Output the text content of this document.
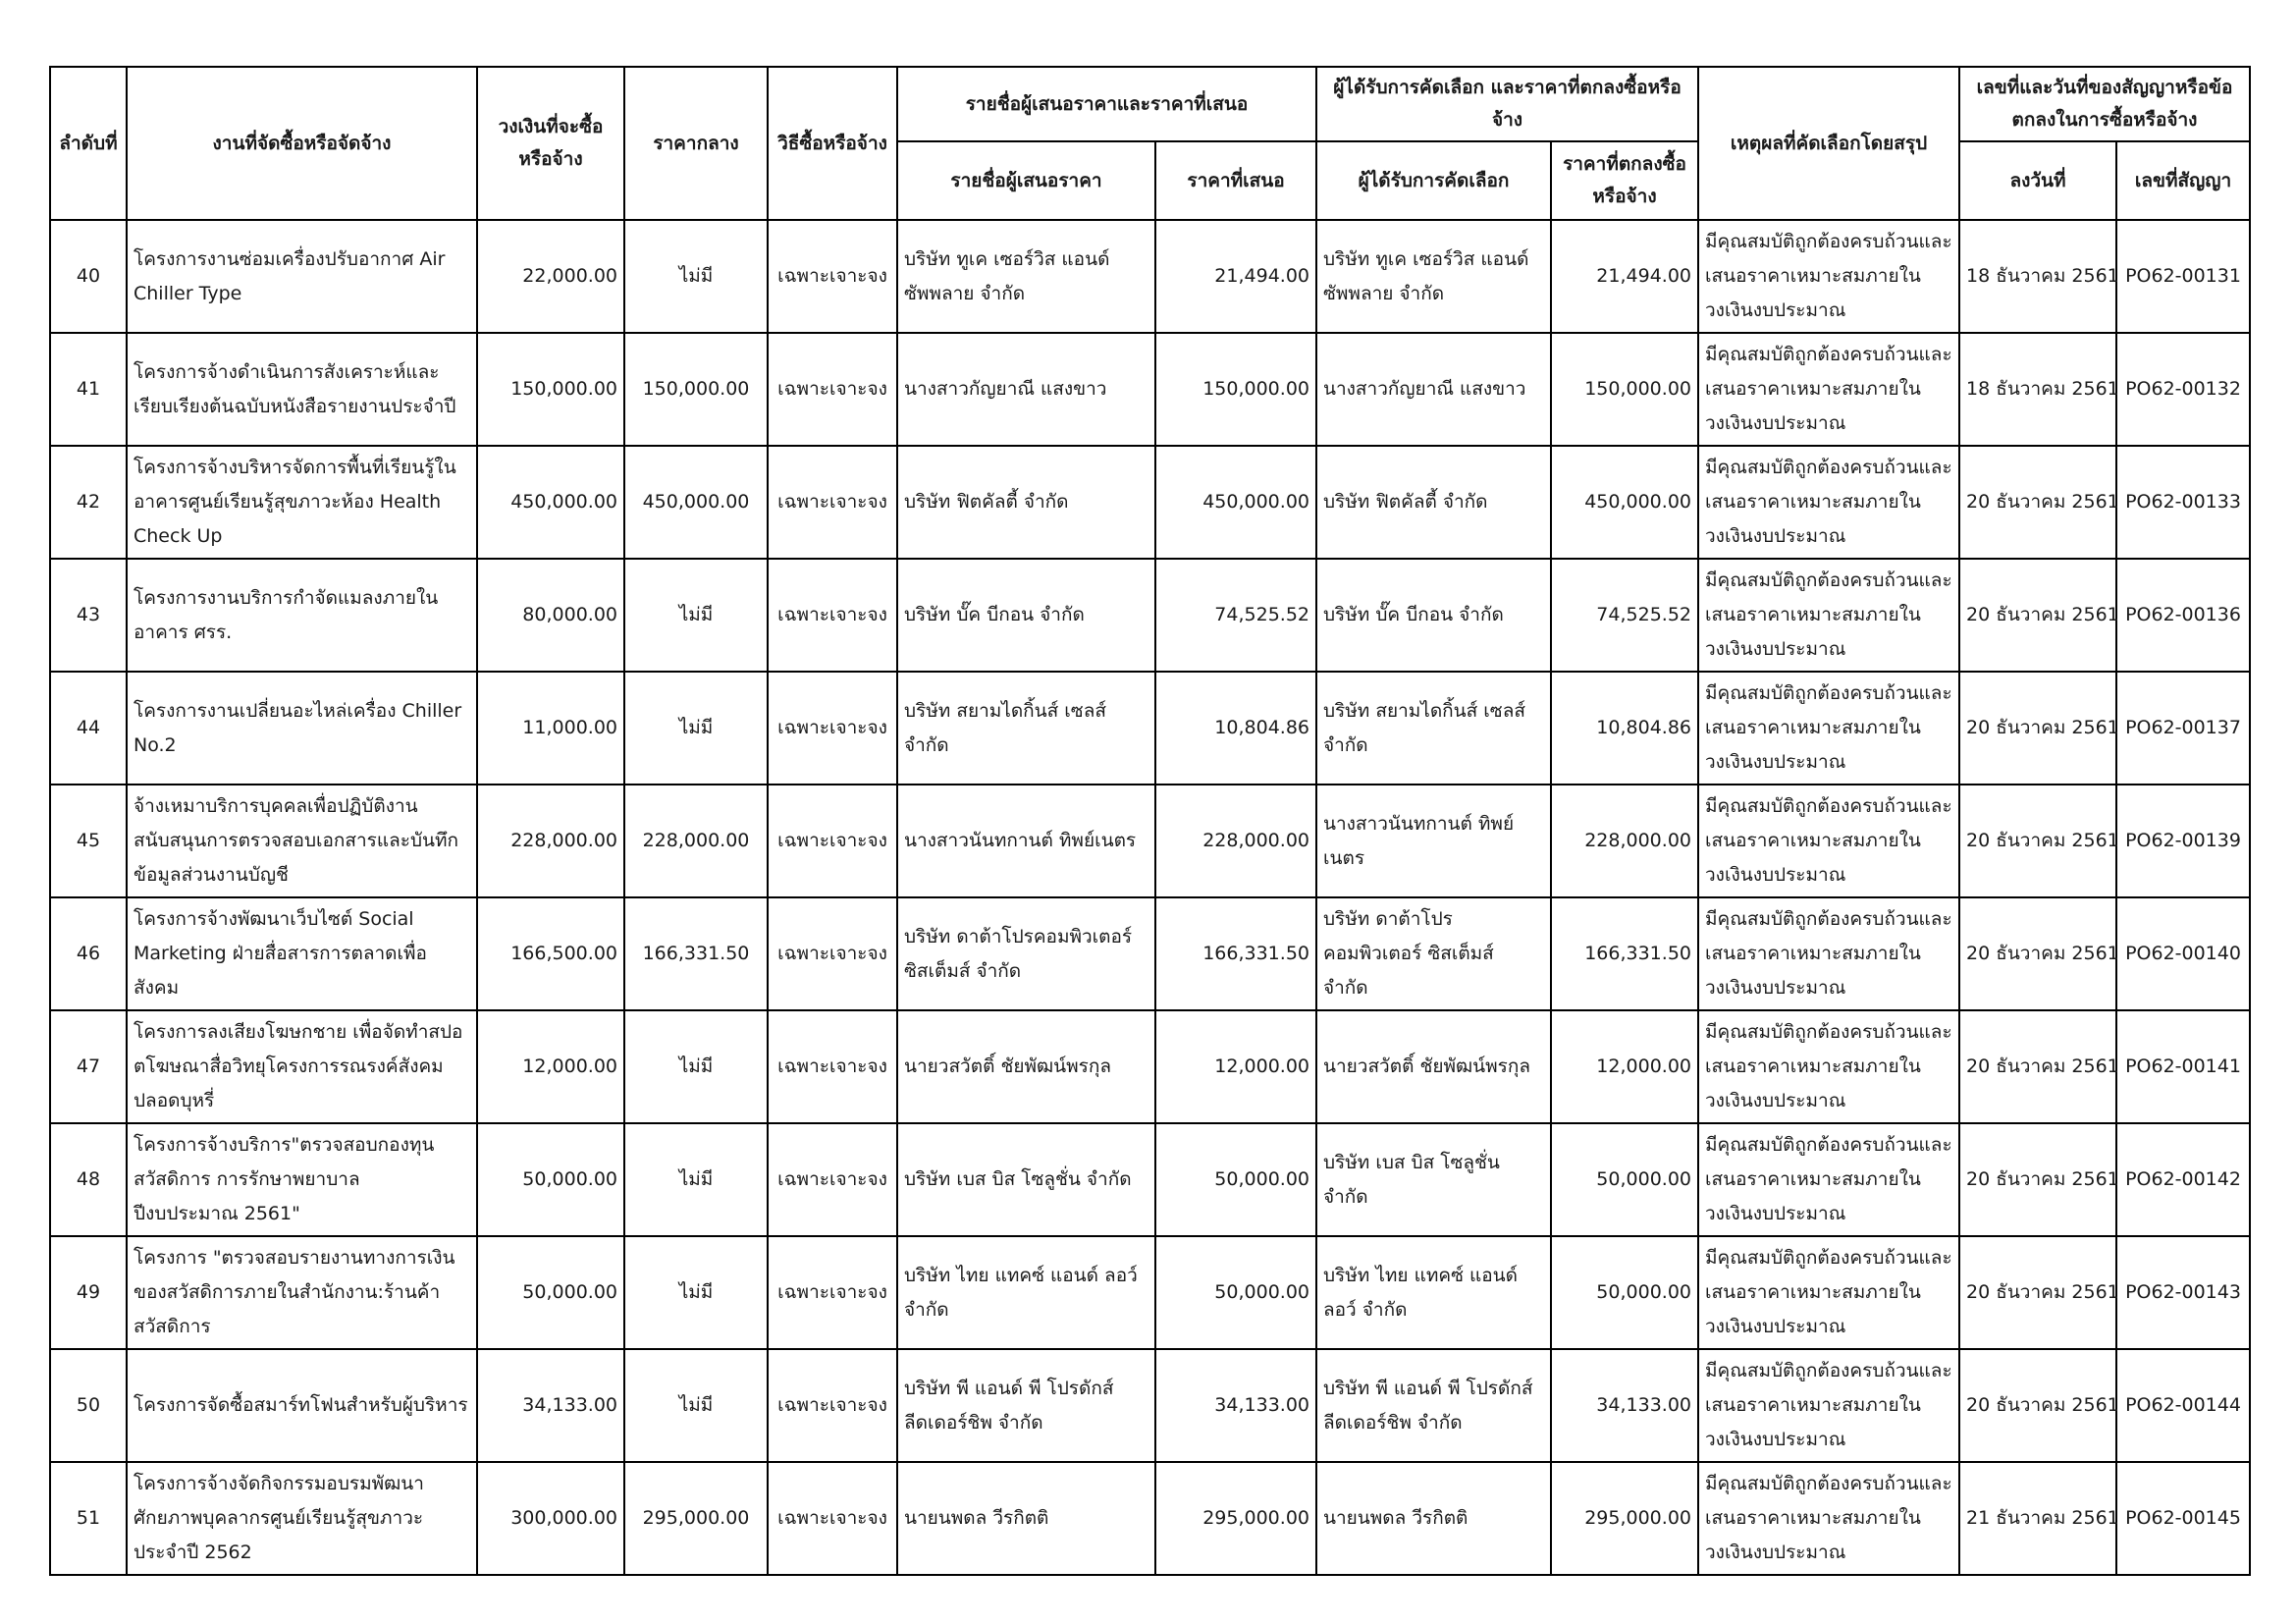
ลำดับที่	งานที่จัดซื้อหรือจัดจ้าง	วงเงินที่จะซื้อหรือจ้าง	ราคากลาง	วิธีซื้อหรือจ้าง	รายชื่อผู้เสนอราคาและราคาที่เสนอ		ผู้ได้รับการคัดเลือก และราคาที่ตกลงซื้อหรือจ้าง		เหตุผลที่คัดเลือกโดยสรุป	เลขที่และวันที่ของสัญญาหรือข้อตกลงในการซื้อหรือจ้าง	
					รายชื่อผู้เสนอราคา	ราคาที่เสนอ	ผู้ได้รับการคัดเลือก	ราคาที่ตกลงซื้อหรือจ้าง		ลงวันที่	เลขที่สัญญา
40	โครงการงานซ่อมเครื่องปรับอากาศ Air Chiller Type	22,000.00	ไม่มี	เฉพาะเจาะจง	บริษัท ทูเค เซอร์วิส แอนด์ ซัพพลาย จำกัด	21,494.00	บริษัท ทูเค เซอร์วิส แอนด์ ซัพพลาย จำกัด	21,494.00	มีคุณสมบัติถูกต้องครบถ้วนและเสนอราคาเหมาะสมภายในวงเงินงบประมาณ	18 ธันวาคม 2561	PO62-00131
41	โครงการจ้างดำเนินการสังเคราะห์และเรียบเรียงต้นฉบับหนังสือรายงานประจำปี	150,000.00	150,000.00	เฉพาะเจาะจง	นางสาวกัญยาณี แสงขาว	150,000.00	นางสาวกัญยาณี แสงขาว	150,000.00	มีคุณสมบัติถูกต้องครบถ้วนและเสนอราคาเหมาะสมภายในวงเงินงบประมาณ	18 ธันวาคม 2561	PO62-00132
42	โครงการจ้างบริหารจัดการพื้นที่เรียนรู้ในอาคารศูนย์เรียนรู้สุขภาวะห้อง Health Check Up	450,000.00	450,000.00	เฉพาะเจาะจง	บริษัท ฟิตคัลตี้ จำกัด	450,000.00	บริษัท ฟิตคัลตี้ จำกัด	450,000.00	มีคุณสมบัติถูกต้องครบถ้วนและเสนอราคาเหมาะสมภายในวงเงินงบประมาณ	20 ธันวาคม 2561	PO62-00133
43	โครงการงานบริการกำจัดแมลงภายในอาคาร ศรร.	80,000.00	ไม่มี	เฉพาะเจาะจง	บริษัท บั๊ค บีกอน จำกัด	74,525.52	บริษัท บั๊ค บีกอน จำกัด	74,525.52	มีคุณสมบัติถูกต้องครบถ้วนและเสนอราคาเหมาะสมภายในวงเงินงบประมาณ	20 ธันวาคม 2561	PO62-00136
44	โครงการงานเปลี่ยนอะไหล่เครื่อง Chiller No.2	11,000.00	ไม่มี	เฉพาะเจาะจง	บริษัท สยามไดกิ้นส์ เซลส์ จำกัด	10,804.86	บริษัท สยามไดกิ้นส์ เซลส์ จำกัด	10,804.86	มีคุณสมบัติถูกต้องครบถ้วนและเสนอราคาเหมาะสมภายในวงเงินงบประมาณ	20 ธันวาคม 2561	PO62-00137
45	จ้างเหมาบริการบุคคลเพื่อปฏิบัติงานสนับสนุนการตรวจสอบเอกสารและบันทึกข้อมูลส่วนงานบัญชี	228,000.00	228,000.00	เฉพาะเจาะจง	นางสาวนันทกานต์ ทิพย์เนตร	228,000.00	นางสาวนันทกานต์ ทิพย์เนตร	228,000.00	มีคุณสมบัติถูกต้องครบถ้วนและเสนอราคาเหมาะสมภายในวงเงินงบประมาณ	20 ธันวาคม 2561	PO62-00139
46	โครงการจ้างพัฒนาเว็บไซต์ Social Marketing ฝ่ายสื่อสารการตลาดเพื่อสังคม	166,500.00	166,331.50	เฉพาะเจาะจง	บริษัท ดาต้าโปรคอมพิวเตอร์ ซิสเต็มส์ จำกัด	166,331.50	บริษัท ดาต้าโปรคอมพิวเตอร์ ซิสเต็มส์ จำกัด	166,331.50	มีคุณสมบัติถูกต้องครบถ้วนและเสนอราคาเหมาะสมภายในวงเงินงบประมาณ	20 ธันวาคม 2561	PO62-00140
47	โครงการลงเสียงโฆษกชาย เพื่อจัดทำสปอตโฆษณาสื่อวิทยุโครงการรณรงค์สังคมปลอดบุหรี่	12,000.00	ไม่มี	เฉพาะเจาะจง	นายวสวัตติ์ ชัยพัฒน์พรกุล	12,000.00	นายวสวัตติ์ ชัยพัฒน์พรกุล	12,000.00	มีคุณสมบัติถูกต้องครบถ้วนและเสนอราคาเหมาะสมภายในวงเงินงบประมาณ	20 ธันวาคม 2561	PO62-00141
48	โครงการจ้างบริการ"ตรวจสอบกองทุนสวัสดิการ การรักษาพยาบาล ปีงบประมาณ 2561"	50,000.00	ไม่มี	เฉพาะเจาะจง	บริษัท เบส บิส โซลูชั่น จำกัด	50,000.00	บริษัท เบส บิส โซลูชั่น จำกัด	50,000.00	มีคุณสมบัติถูกต้องครบถ้วนและเสนอราคาเหมาะสมภายในวงเงินงบประมาณ	20 ธันวาคม 2561	PO62-00142
49	โครงการ "ตรวจสอบรายงานทางการเงินของสวัสดิการภายในสำนักงาน:ร้านค้าสวัสดิการ	50,000.00	ไม่มี	เฉพาะเจาะจง	บริษัท ไทย แทคซ์ แอนด์ ลอว์ จำกัด	50,000.00	บริษัท ไทย แทคซ์ แอนด์ ลอว์ จำกัด	50,000.00	มีคุณสมบัติถูกต้องครบถ้วนและเสนอราคาเหมาะสมภายในวงเงินงบประมาณ	20 ธันวาคม 2561	PO62-00143
50	โครงการจัดซื้อสมาร์ทโฟนสำหรับผู้บริหาร	34,133.00	ไม่มี	เฉพาะเจาะจง	บริษัท พี แอนด์ พี โปรดักส์ ลีดเดอร์ชิพ จำกัด	34,133.00	บริษัท พี แอนด์ พี โปรดักส์ ลีดเดอร์ชิพ จำกัด	34,133.00	มีคุณสมบัติถูกต้องครบถ้วนและเสนอราคาเหมาะสมภายในวงเงินงบประมาณ	20 ธันวาคม 2561	PO62-00144
51	โครงการจ้างจัดกิจกรรมอบรมพัฒนาศักยภาพบุคลากรศูนย์เรียนรู้สุขภาวะ ประจำปี 2562	300,000.00	295,000.00	เฉพาะเจาะจง	นายนพดล วีรกิตติ	295,000.00	นายนพดล วีรกิตติ	295,000.00	มีคุณสมบัติถูกต้องครบถ้วนและเสนอราคาเหมาะสมภายในวงเงินงบประมาณ	21 ธันวาคม 2561	PO62-00145
